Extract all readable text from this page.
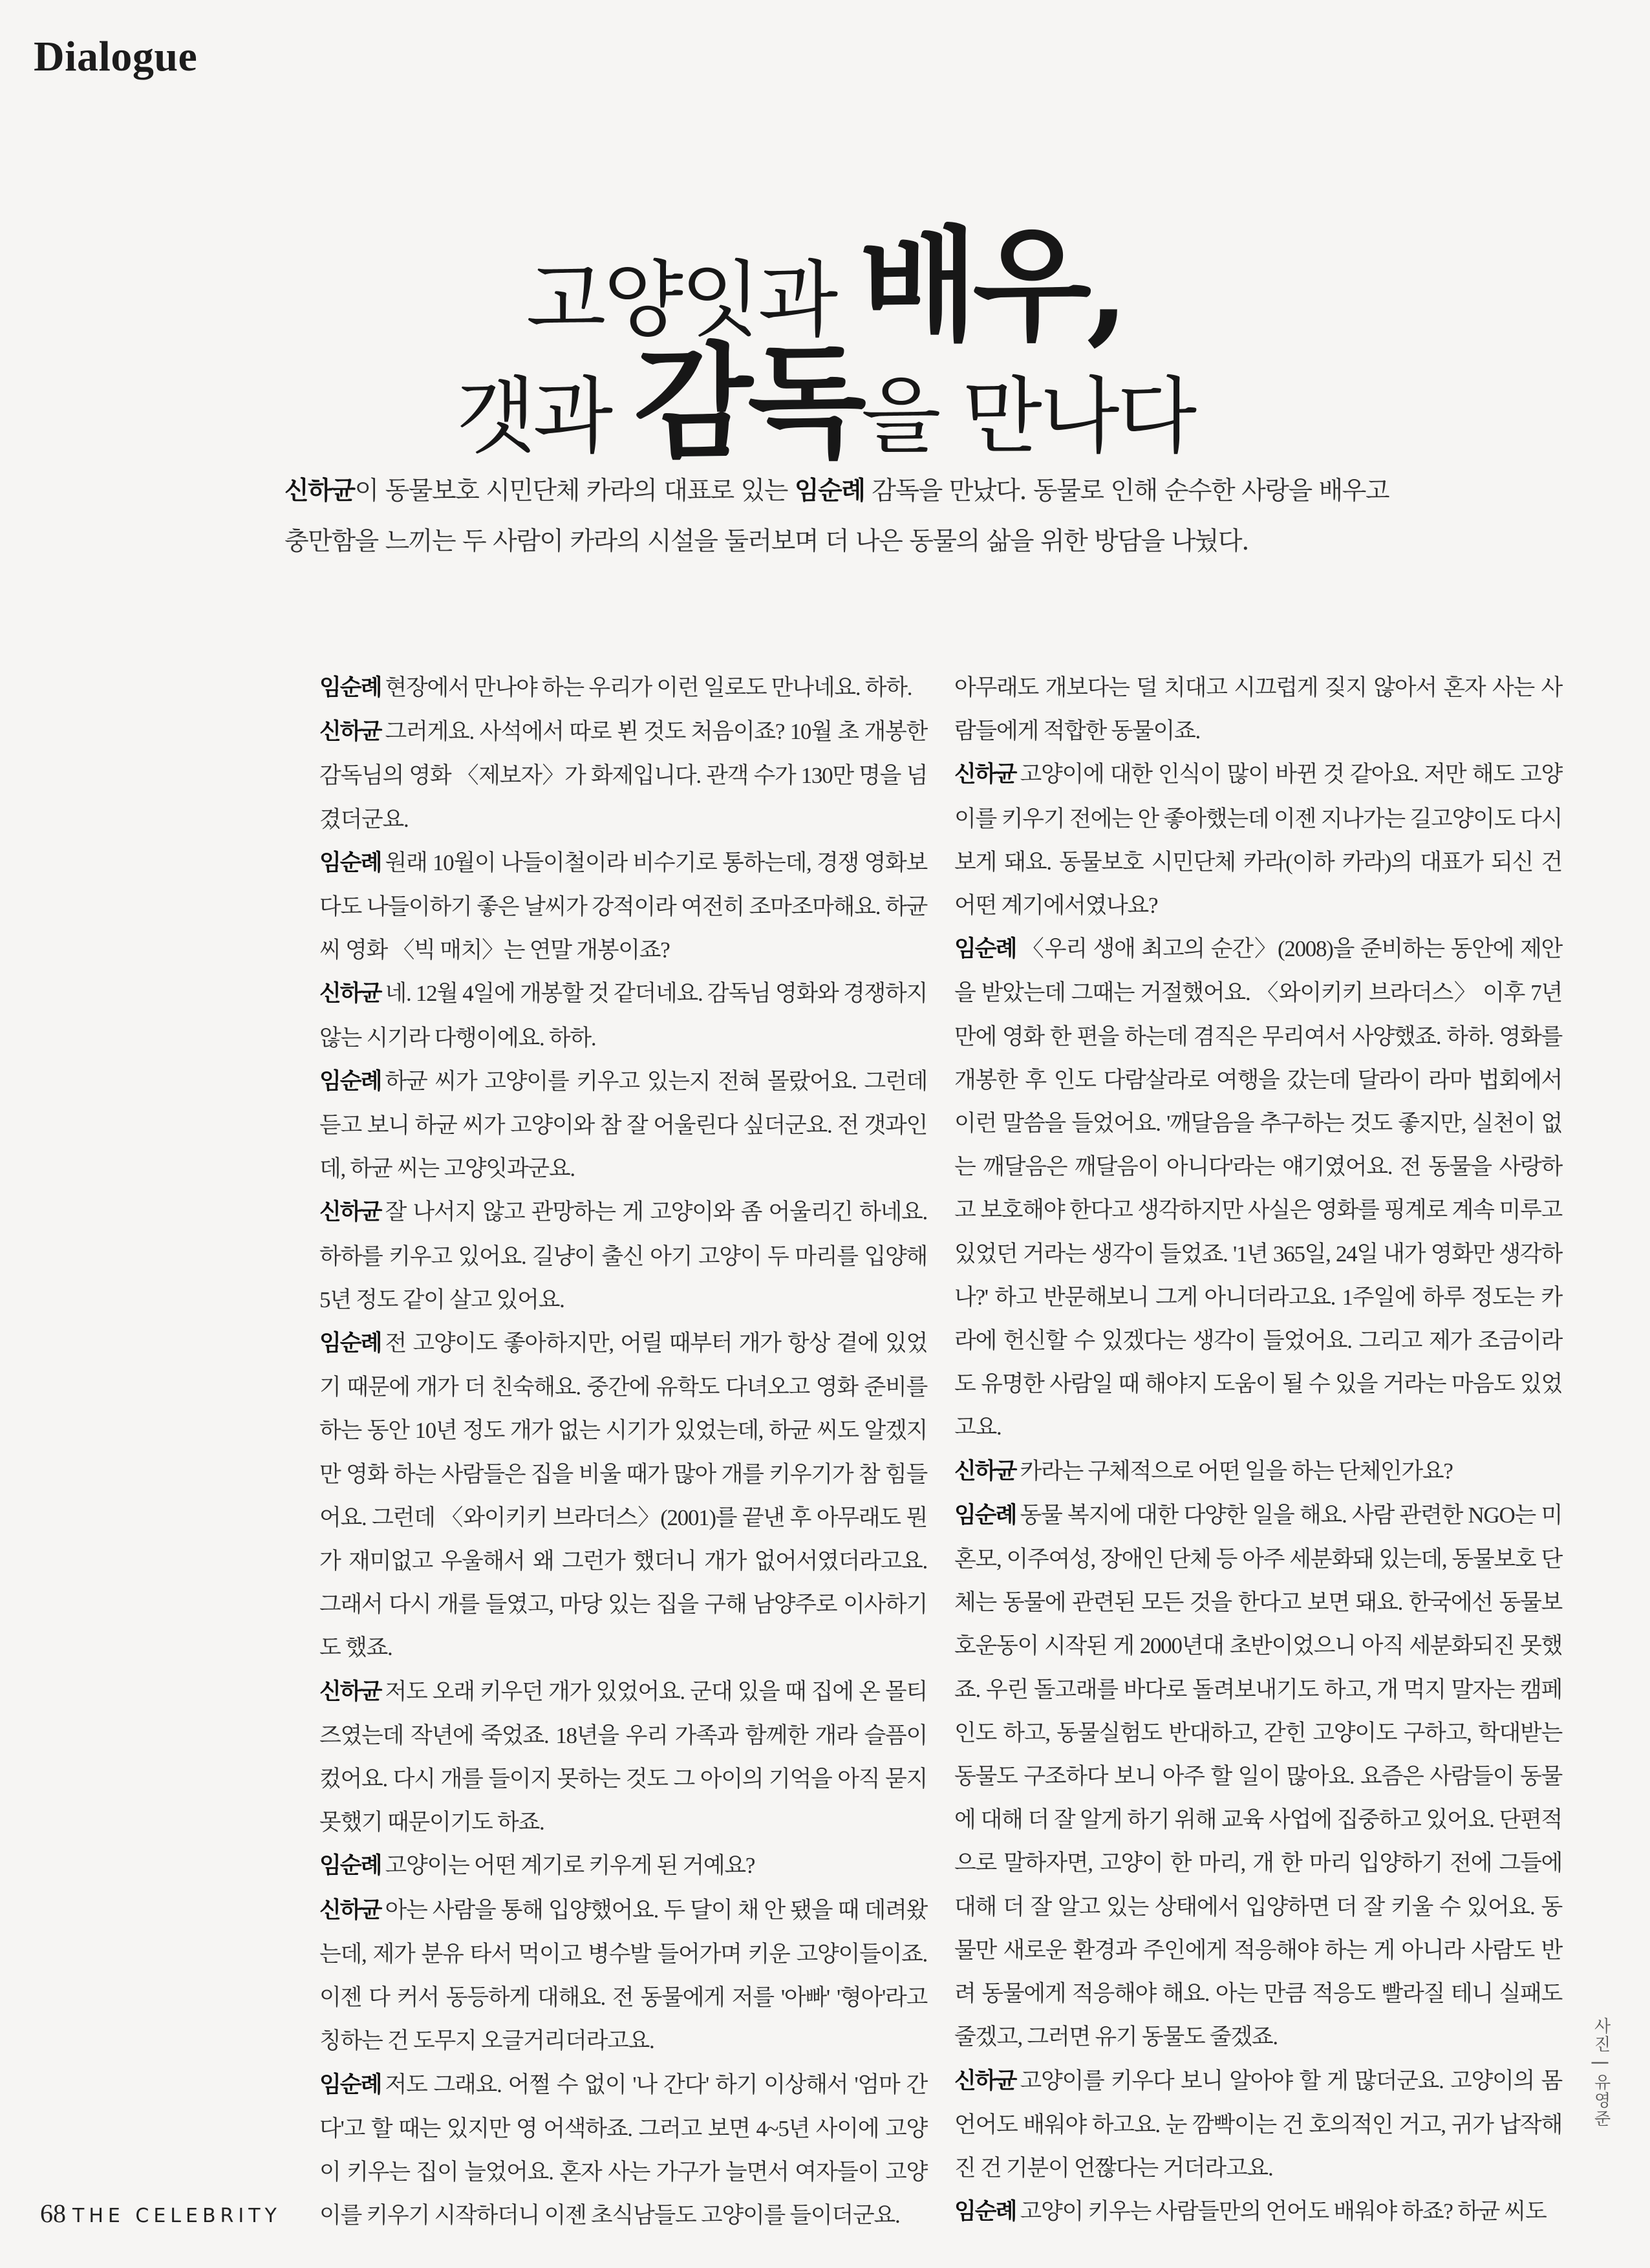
Dialogue
고양잇과 배우,
갯과 감독을 만나다
신하균이 동물보호 시민단체 카라의 대표로 있는 임순례 감독을 만났다. 동물로 인해 순수한 사랑을 배우고 충만함을 느끼는 두 사람이 카라의 시설을 둘러보며 더 나은 동물의 삶을 위한 방담을 나눴다.

임순례 현장에서 만나야 하는 우리가 이런 일로도 만나네요. 하하.

신하균 그러게요. 사석에서 따로 뵌 것도 처음이죠? 10월 초 개봉한 감독님의 영화 〈제보자〉가 화제입니다. 관객 수가 130만 명을 넘겼더군요.

임순례 원래 10월이 나들이철이라 비수기로 통하는데, 경쟁 영화보다도 나들이하기 좋은 날씨가 강적이라 여전히 조마조마해요. 하균 씨 영화 〈빅 매치〉는 연말 개봉이죠?

신하균 네. 12월 4일에 개봉할 것 같더네요. 감독님 영화와 경쟁하지 않는 시기라 다행이에요. 하하.

임순례 하균 씨가 고양이를 키우고 있는지 전혀 몰랐어요. 그런데 듣고 보니 하균 씨가 고양이와 참 잘 어울린다 싶더군요. 전 갯과인데, 하균 씨는 고양잇과군요.

신하균 잘 나서지 않고 관망하는 게 고양이와 좀 어울리긴 하네요. 하하를 키우고 있어요. 길냥이 출신 아기 고양이 두 마리를 입양해 5년 정도 같이 살고 있어요.

임순례 전 고양이도 좋아하지만, 어릴 때부터 개가 항상 곁에 있었기 때문에 개가 더 친숙해요. 중간에 유학도 다녀오고 영화 준비를 하는 동안 10년 정도 개가 없는 시기가 있었는데, 하균 씨도 알겠지만 영화 하는 사람들은 집을 비울 때가 많아 개를 키우기가 참 힘들어요. 그런데 〈와이키키 브라더스〉(2001)를 끝낸 후 아무래도 뭔가 재미없고 우울해서 왜 그런가 했더니 개가 없어서였더라고요. 그래서 다시 개를 들였고, 마당 있는 집을 구해 남양주로 이사하기도 했죠.

신하균 저도 오래 키우던 개가 있었어요. 군대 있을 때 집에 온 몰티즈였는데 작년에 죽었죠. 18년을 우리 가족과 함께한 개라 슬픔이 컸어요. 다시 개를 들이지 못하는 것도 그 아이의 기억을 아직 묻지 못했기 때문이기도 하죠.

임순례 고양이는 어떤 계기로 키우게 된 거예요?

신하균 아는 사람을 통해 입양했어요. 두 달이 채 안 됐을 때 데려왔는데, 제가 분유 타서 먹이고 병수발 들어가며 키운 고양이들이죠. 이젠 다 커서 동등하게 대해요. 전 동물에게 저를 '아빠' '형아'라고 칭하는 건 도무지 오글거리더라고요.

임순례 저도 그래요. 어쩔 수 없이 '나 간다' 하기 이상해서 '엄마 간다'고 할 때는 있지만 영 어색하죠. 그러고 보면 4~5년 사이에 고양이 키우는 집이 늘었어요. 혼자 사는 가구가 늘면서 여자들이 고양이를 키우기 시작하더니 이젠 초식남들도 고양이를 들이더군요.

아무래도 개보다는 덜 치대고 시끄럽게 짖지 않아서 혼자 사는 사람들에게 적합한 동물이죠.

신하균 고양이에 대한 인식이 많이 바뀐 것 같아요. 저만 해도 고양이를 키우기 전에는 안 좋아했는데 이젠 지나가는 길고양이도 다시 보게 돼요. 동물보호 시민단체 카라(이하 카라)의 대표가 되신 건 어떤 계기에서였나요?

임순례 〈우리 생애 최고의 순간〉(2008)을 준비하는 동안에 제안을 받았는데 그때는 거절했어요. 〈와이키키 브라더스〉 이후 7년 만에 영화 한 편을 하는데 겸직은 무리여서 사양했죠. 하하. 영화를 개봉한 후 인도 다람살라로 여행을 갔는데 달라이 라마 법회에서 이런 말씀을 들었어요. '깨달음을 추구하는 것도 좋지만, 실천이 없는 깨달음은 깨달음이 아니다'라는 얘기였어요. 전 동물을 사랑하고 보호해야 한다고 생각하지만 사실은 영화를 핑계로 계속 미루고 있었던 거라는 생각이 들었죠. '1년 365일, 24일 내가 영화만 생각하나?' 하고 반문해보니 그게 아니더라고요. 1주일에 하루 정도는 카라에 헌신할 수 있겠다는 생각이 들었어요. 그리고 제가 조금이라도 유명한 사람일 때 해야지 도움이 될 수 있을 거라는 마음도 있었고요.

신하균 카라는 구체적으로 어떤 일을 하는 단체인가요?

임순례 동물 복지에 대한 다양한 일을 해요. 사람 관련한 NGO는 미혼모, 이주여성, 장애인 단체 등 아주 세분화돼 있는데, 동물보호 단체는 동물에 관련된 모든 것을 한다고 보면 돼요. 한국에선 동물보호운동이 시작된 게 2000년대 초반이었으니 아직 세분화되진 못했죠. 우린 돌고래를 바다로 돌려보내기도 하고, 개 먹지 말자는 캠페인도 하고, 동물실험도 반대하고, 갇힌 고양이도 구하고, 학대받는 동물도 구조하다 보니 아주 할 일이 많아요. 요즘은 사람들이 동물에 대해 더 잘 알게 하기 위해 교육 사업에 집중하고 있어요. 단편적으로 말하자면, 고양이 한 마리, 개 한 마리 입양하기 전에 그들에 대해 더 잘 알고 있는 상태에서 입양하면 더 잘 키울 수 있어요. 동물만 새로운 환경과 주인에게 적응해야 하는 게 아니라 사람도 반려 동물에게 적응해야 해요. 아는 만큼 적응도 빨라질 테니 실패도 줄겠고, 그러면 유기 동물도 줄겠죠.

신하균 고양이를 키우다 보니 알아야 할 게 많더군요. 고양이의 몸언어도 배워야 하고요. 눈 깜빡이는 건 호의적인 거고, 귀가 납작해진 건 기분이 언짢다는 거더라고요.

임순례 고양이 키우는 사람들만의 언어도 배워야 하죠? 하균 씨도

68 THE CELEBRITY
사진 | 유영준
